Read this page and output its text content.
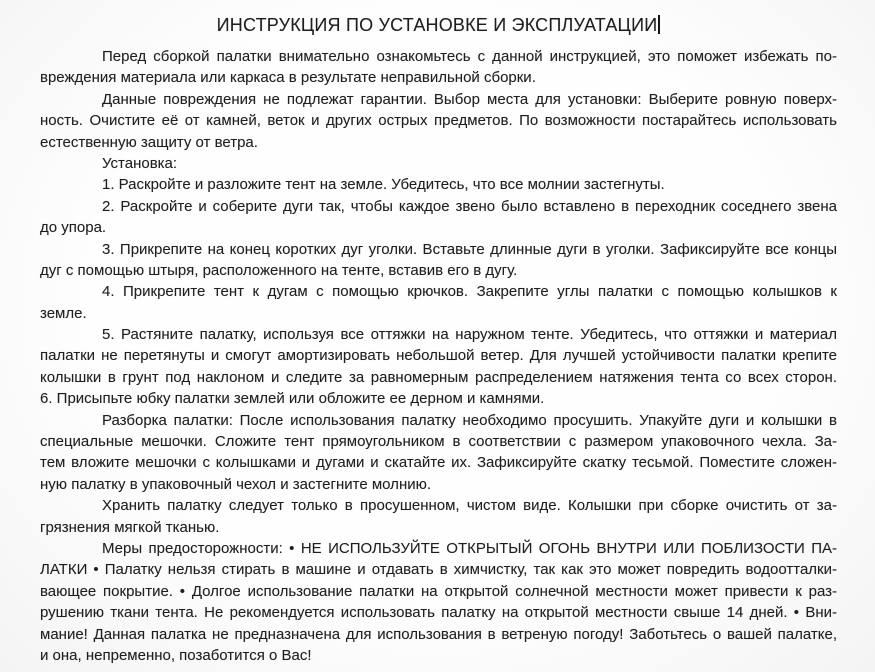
ИНСТРУКЦИЯ ПО УСТАНОВКЕ И ЭКСПЛУАТАЦИИ
Перед сборкой палатки внимательно ознакомьтесь с данной инструкцией, это поможет избежать по-
вреждения материала или каркаса в результате неправильной сборки.
Данные повреждения не подлежат гарантии. Выбор места для установки: Выберите ровную поверх-
ность. Очистите её от камней, веток и других острых предметов. По возможности постарайтесь использовать
естественную защиту от ветра.
Установка:
1. Раскройте и разложите тент на земле. Убедитесь, что все молнии застегнуты.
2. Раскройте и соберите дуги так, чтобы каждое звено было вставлено в переходник соседнего звена
до упора.
3. Прикрепите на конец коротких дуг уголки. Вставьте длинные дуги в уголки. Зафиксируйте все концы
дуг с помощью штыря, расположенного на тенте, вставив его в дугу.
4. Прикрепите тент к дугам с помощью крючков. Закрепите углы палатки с помощью колышков к
земле.
5. Растяните палатку, используя все оттяжки на наружном тенте. Убедитесь, что оттяжки и материал
палатки не перетянуты и смогут амортизировать небольшой ветер. Для лучшей устойчивости палатки крепите
колышки в грунт под наклоном и следите за равномерным распределением натяжения тента со всех сторон.
6. Присыпьте юбку палатки землей или обложите ее дерном и камнями.
Разборка палатки: После использования палатку необходимо просушить. Упакуйте дуги и колышки в
специальные мешочки. Сложите тент прямоугольником в соответствии с размером упаковочного чехла. За-
тем вложите мешочки с колышками и дугами и скатайте их. Зафиксируйте скатку тесьмой. Поместите сложен-
ную палатку в упаковочный чехол и застегните молнию.
Хранить палатку следует только в просушенном, чистом виде. Колышки при сборке очистить от за-
грязнения мягкой тканью.
Меры предосторожности: • НЕ ИСПОЛЬЗУЙТЕ ОТКРЫТЫЙ ОГОНЬ ВНУТРИ ИЛИ ПОБЛИЗОСТИ ПА-
ЛАТКИ • Палатку нельзя стирать в машине и отдавать в химчистку, так как это может повредить водоотталки-
вающее покрытие. • Долгое использование палатки на открытой солнечной местности может привести к раз-
рушению ткани тента. Не рекомендуется использовать палатку на открытой местности свыше 14 дней. • Вни-
мание! Данная палатка не предназначена для использования в ветреную погоду! Заботьтесь о вашей палатке,
и она, непременно, позаботится о Вас!
